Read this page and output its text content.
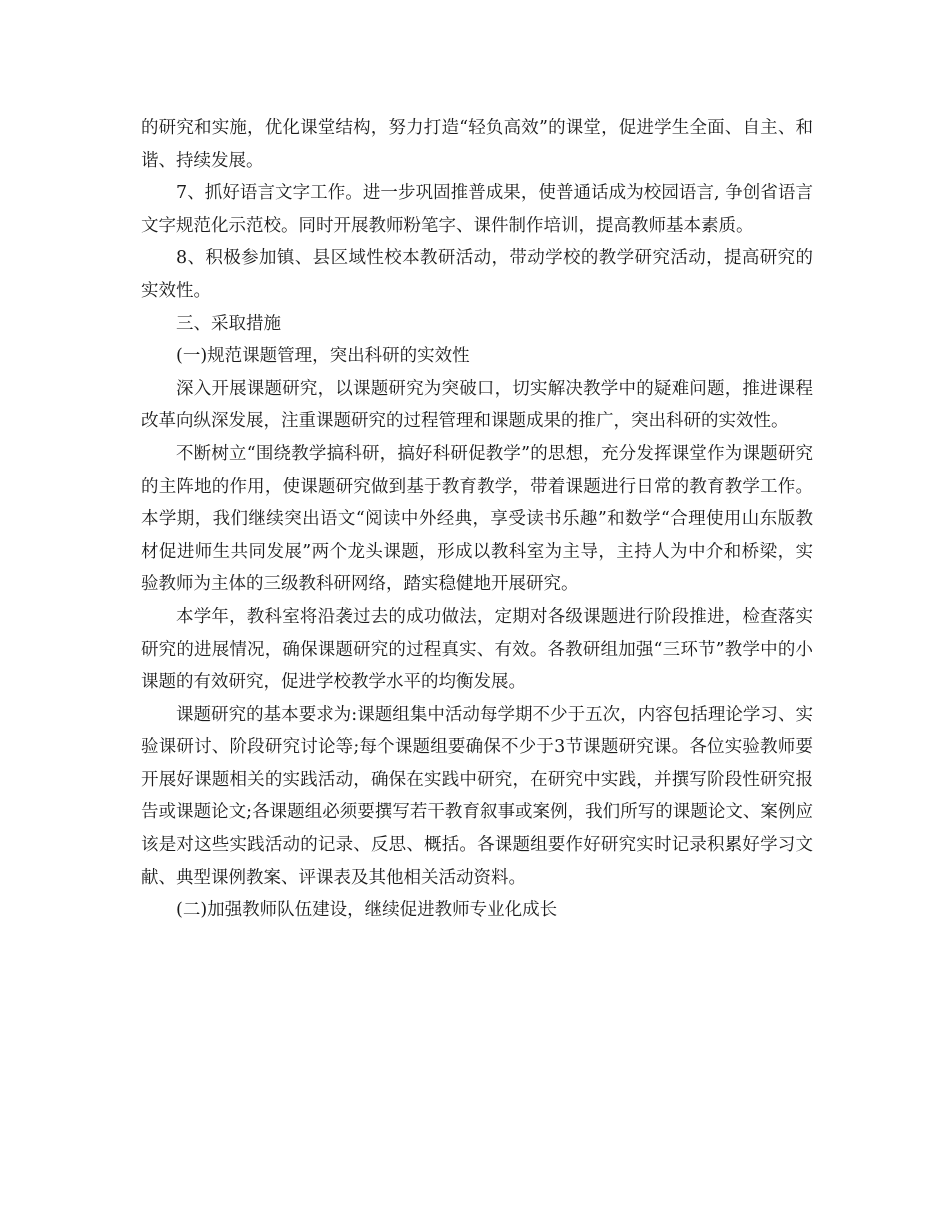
的研究和实施，优化课堂结构，努力打造“轻负高效”的课堂，促进学生全面、自主、和谐、持续发展。

7、抓好语言文字工作。进一步巩固推普成果，使普通话成为校园语言, 争创省语言文字规范化示范校。同时开展教师粉笔字、课件制作培训，提高教师基本素质。

8、积极参加镇、县区域性校本教研活动，带动学校的教学研究活动，提高研究的实效性。

三、采取措施

(一)规范课题管理，突出科研的实效性

深入开展课题研究，以课题研究为突破口，切实解决教学中的疑难问题，推进课程改革向纵深发展，注重课题研究的过程管理和课题成果的推广，突出科研的实效性。

不断树立“围绕教学搞科研，搞好科研促教学”的思想，充分发挥课堂作为课题研究的主阵地的作用，使课题研究做到基于教育教学，带着课题进行日常的教育教学工作。本学期，我们继续突出语文“阅读中外经典，享受读书乐趣”和数学“合理使用山东版教材促进师生共同发展”两个龙头课题，形成以教科室为主导，主持人为中介和桥梁，实验教师为主体的三级教科研网络，踏实稳健地开展研究。

本学年，教科室将沿袭过去的成功做法，定期对各级课题进行阶段推进，检查落实研究的进展情况，确保课题研究的过程真实、有效。各教研组加强“三环节”教学中的小课题的有效研究，促进学校教学水平的均衡发展。

课题研究的基本要求为:课题组集中活动每学期不少于五次，内容包括理论学习、实验课研讨、阶段研究讨论等;每个课题组要确保不少于3节课题研究课。各位实验教师要开展好课题相关的实践活动，确保在实践中研究，在研究中实践，并撰写阶段性研究报告或课题论文;各课题组必须要撰写若干教育叙事或案例，我们所写的课题论文、案例应该是对这些实践活动的记录、反思、概括。各课题组要作好研究实时记录积累好学习文献、典型课例教案、评课表及其他相关活动资料。

(二)加强教师队伍建设，继续促进教师专业化成长
